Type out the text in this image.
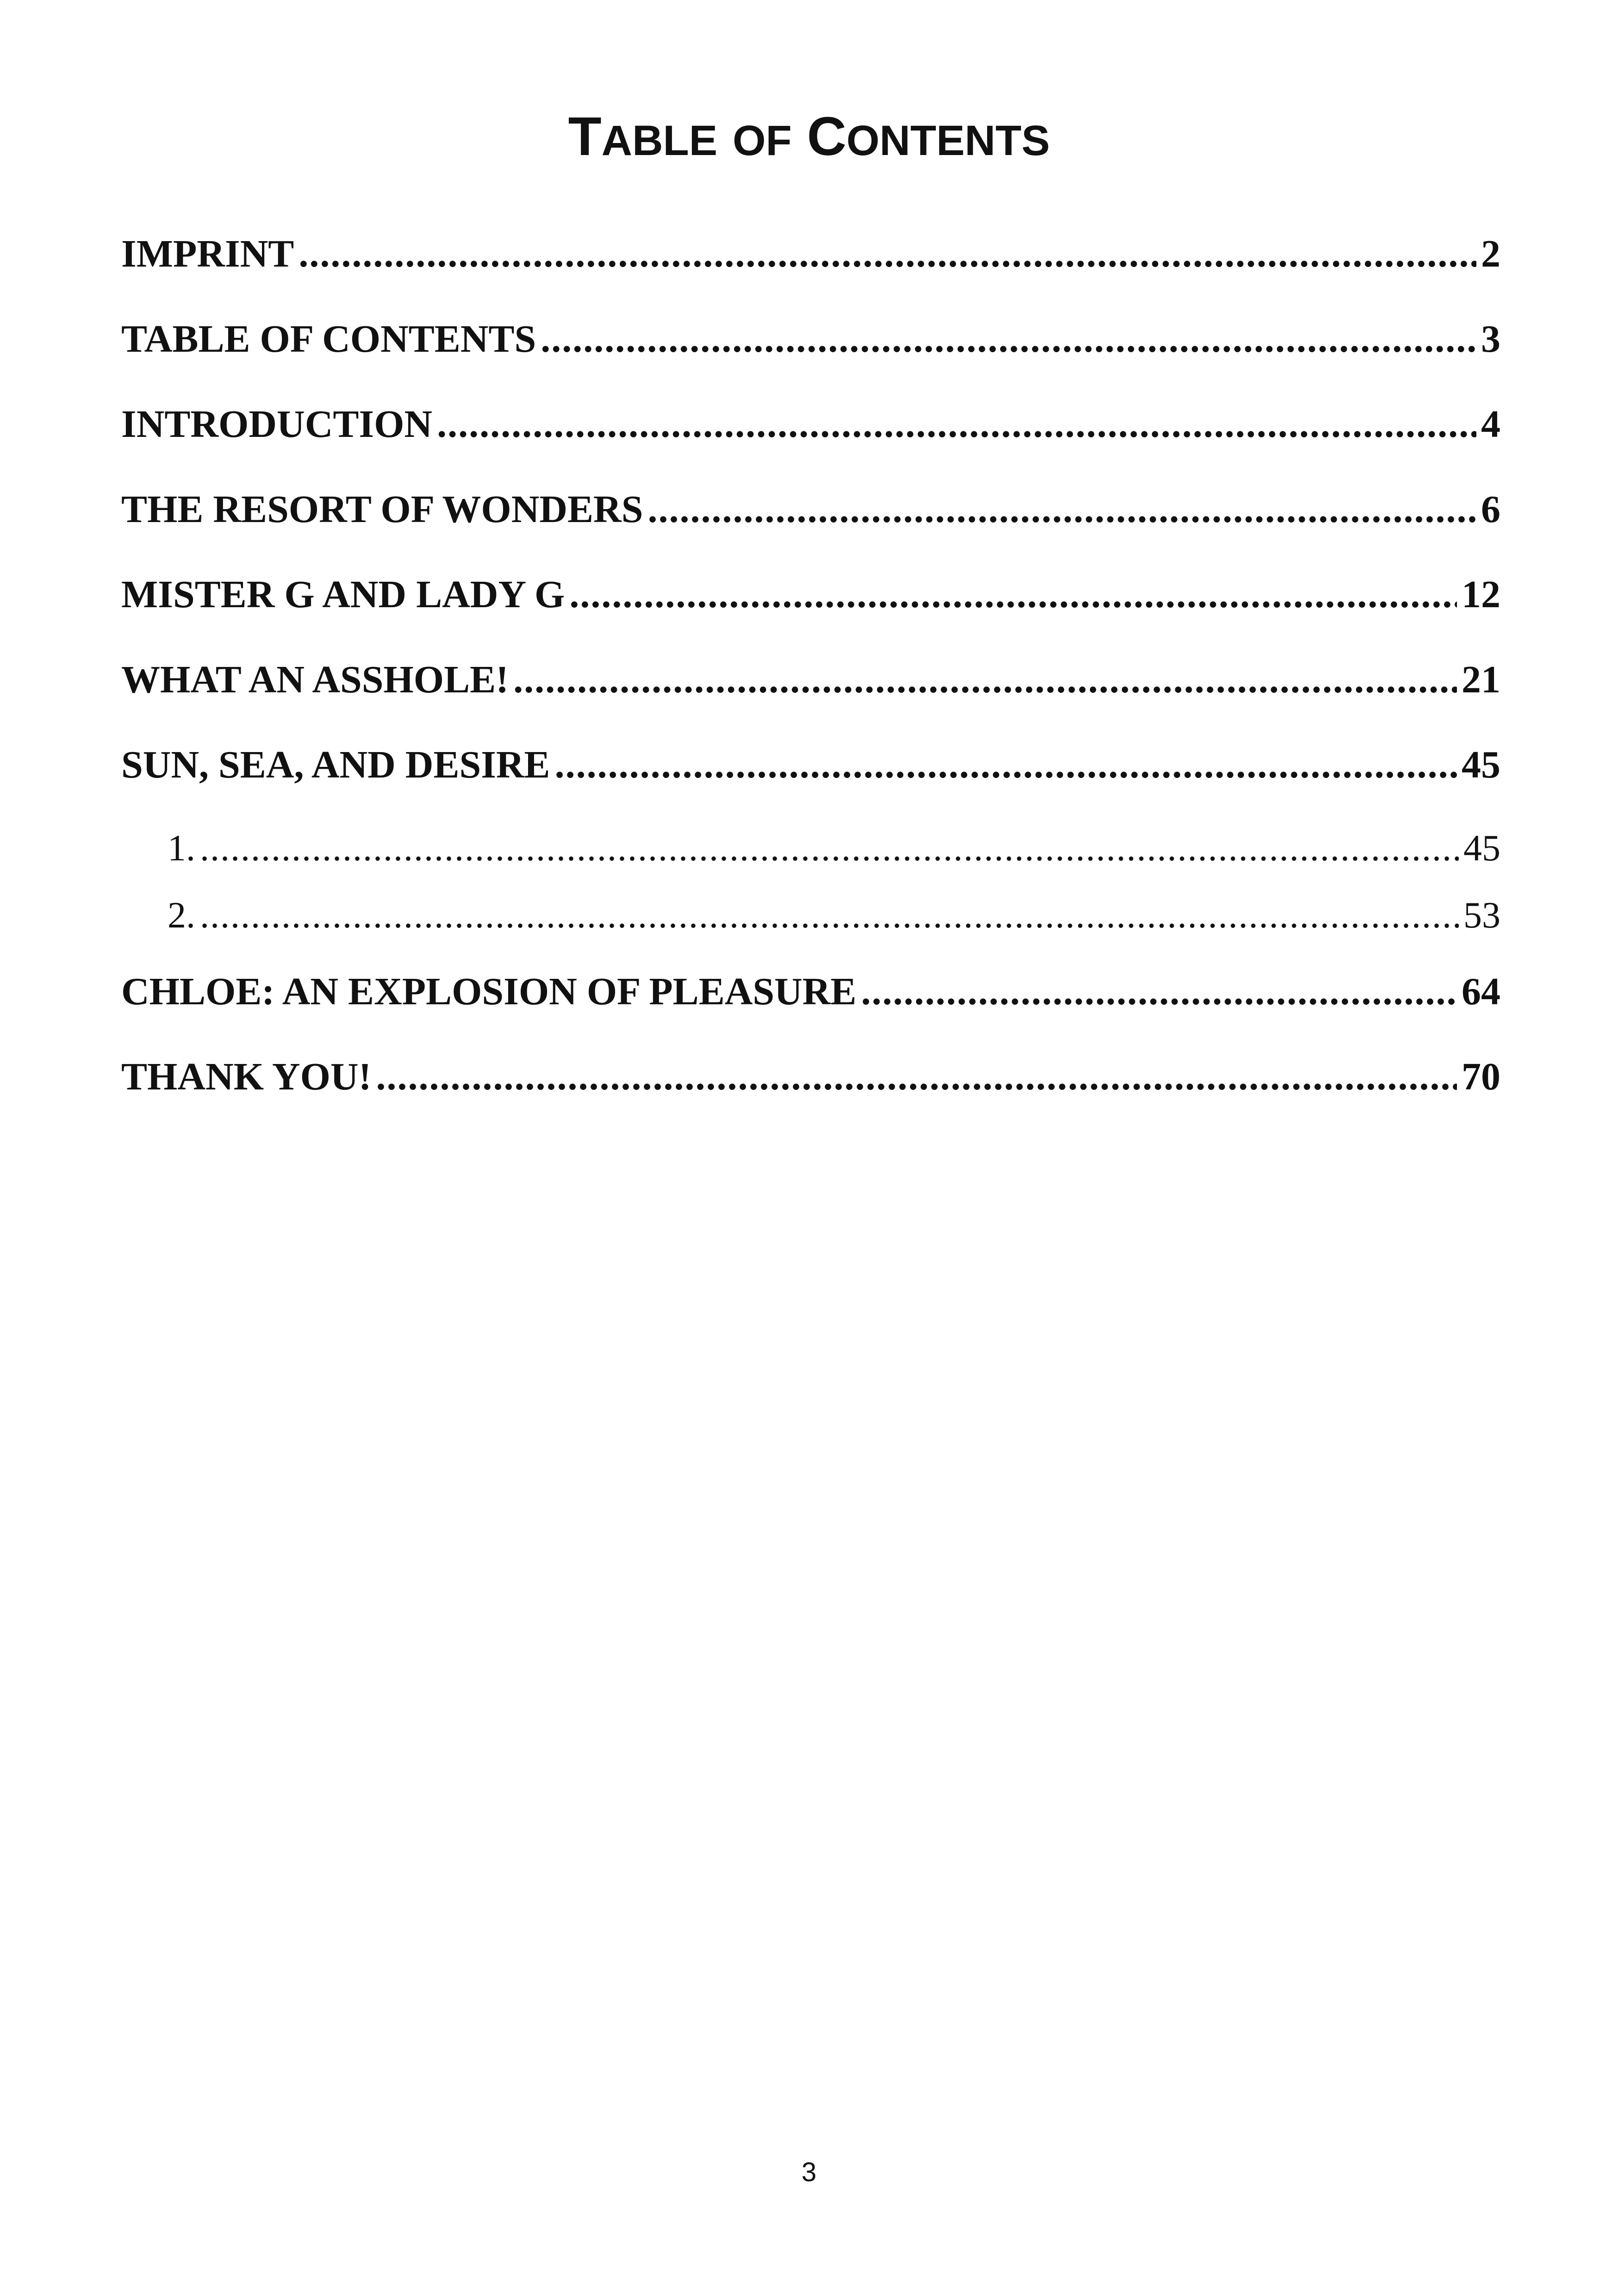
TABLE OF CONTENTS
IMPRINT .....	2
TABLE OF CONTENTS .....	3
INTRODUCTION .....	4
THE RESORT OF WONDERS .....	6
MISTER G AND LADY G .....	12
WHAT AN ASSHOLE! .....	21
SUN, SEA, AND DESIRE .....	45
1. .....	45
2. .....	53
CHLOE: AN EXPLOSION OF PLEASURE .....	64
THANK YOU! .....	70
3
